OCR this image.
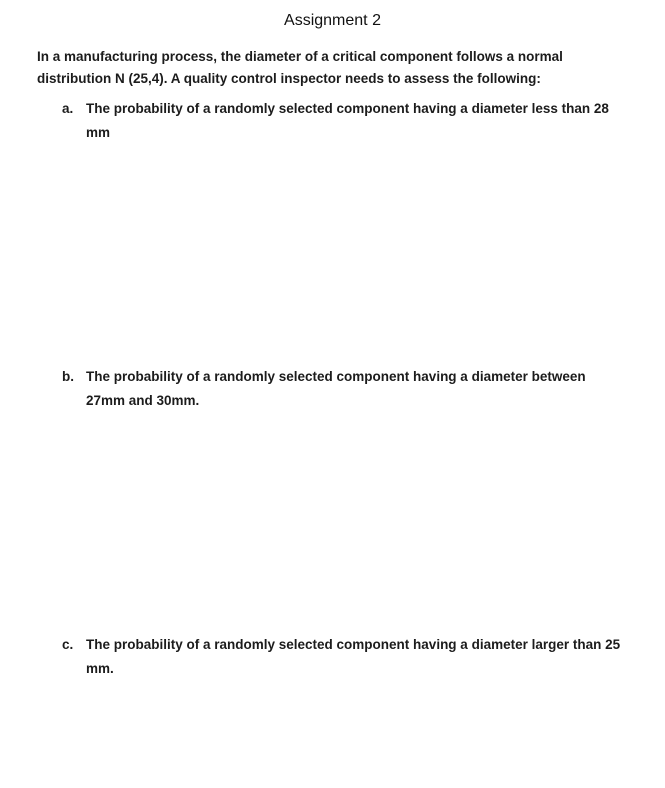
Assignment 2
In a manufacturing process, the diameter of a critical component follows a normal distribution N (25,4). A quality control inspector needs to assess the following:
a. The probability of a randomly selected component having a diameter less than 28 mm
b. The probability of a randomly selected component having a diameter between 27mm and 30mm.
c. The probability of a randomly selected component having a diameter larger than 25 mm.
